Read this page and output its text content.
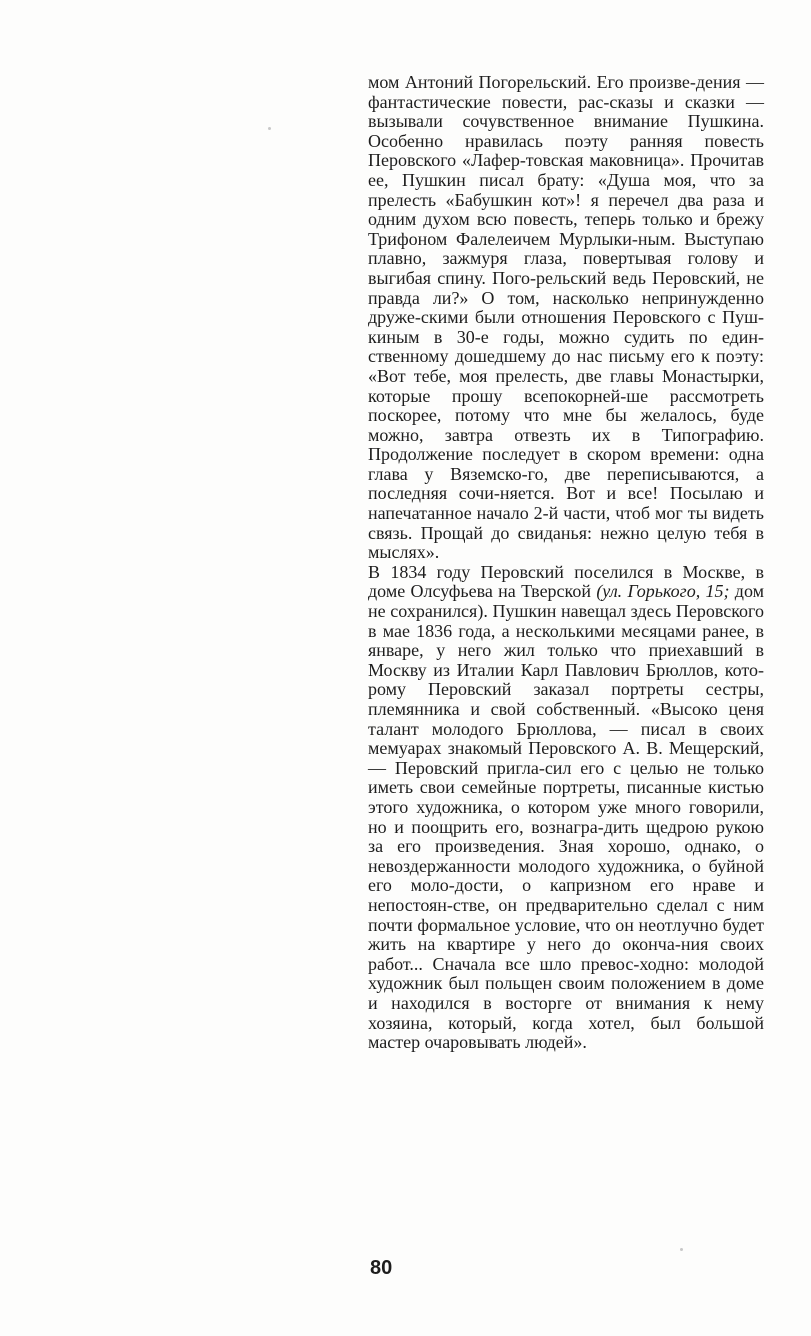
мом Антоний Погорельский. Его произве-дения — фантастические повести, рас-сказы и сказки — вызывали сочувственное внимание Пушкина. Особенно нравилась поэту ранняя повесть Перовского «Лафер-товская маковница». Прочитав ее, Пушкин писал брату: «Душа моя, что за прелесть «Бабушкин кот»! я перечел два раза и одним духом всю повесть, теперь только и брежу Трифоном Фалелеичем Мурлыки-ным. Выступаю плавно, зажмуря глаза, повертывая голову и выгибая спину. Пого-рельский ведь Перовский, не правда ли?» О том, насколько непринужденно друже-скими были отношения Перовского с Пуш-киным в 30-е годы, можно судить по един-ственному дошедшему до нас письму его к поэту: «Вот тебе, моя прелесть, две главы Монастырки, которые прошу всепокорней-ше рассмотреть поскорее, потому что мне бы желалось, буде можно, завтра отвезть их в Типографию. Продолжение последует в скором времени: одна глава у Вяземско-го, две переписываются, а последняя сочи-няется. Вот и все! Посылаю и напечатанное начало 2-й части, чтоб мог ты видеть связь. Прощай до свиданья: нежно целую тебя в мыслях».

В 1834 году Перовский поселился в Москве, в доме Олсуфьева на Тверской (ул. Горького, 15; дом не сохранился). Пушкин навещал здесь Перовского в мае 1836 года, а несколькими месяцами ранее, в январе, у него жил только что приехавший в Москву из Италии Карл Павлович Брюллов, кото-рому Перовский заказал портреты сестры, племянника и свой собственный. «Высоко ценя талант молодого Брюллова, — писал в своих мемуарах знакомый Перовского А. В. Мещерский, — Перовский пригла-сил его с целью не только иметь свои семейные портреты, писанные кистью этого художника, о котором уже много говорили, но и поощрить его, вознагра-дить щедрою рукою за его произведения. Зная хорошо, однако, о невоздержанности молодого художника, о буйной его моло-дости, о капризном его нраве и непостоян-стве, он предварительно сделал с ним почти формальное условие, что он неотлучно будет жить на квартире у него до оконча-ния своих работ... Сначала все шло превос-ходно: молодой художник был польщен своим положением в доме и находился в восторге от внимания к нему хозяина, который, когда хотел, был большой мастер очаровывать людей».

80
